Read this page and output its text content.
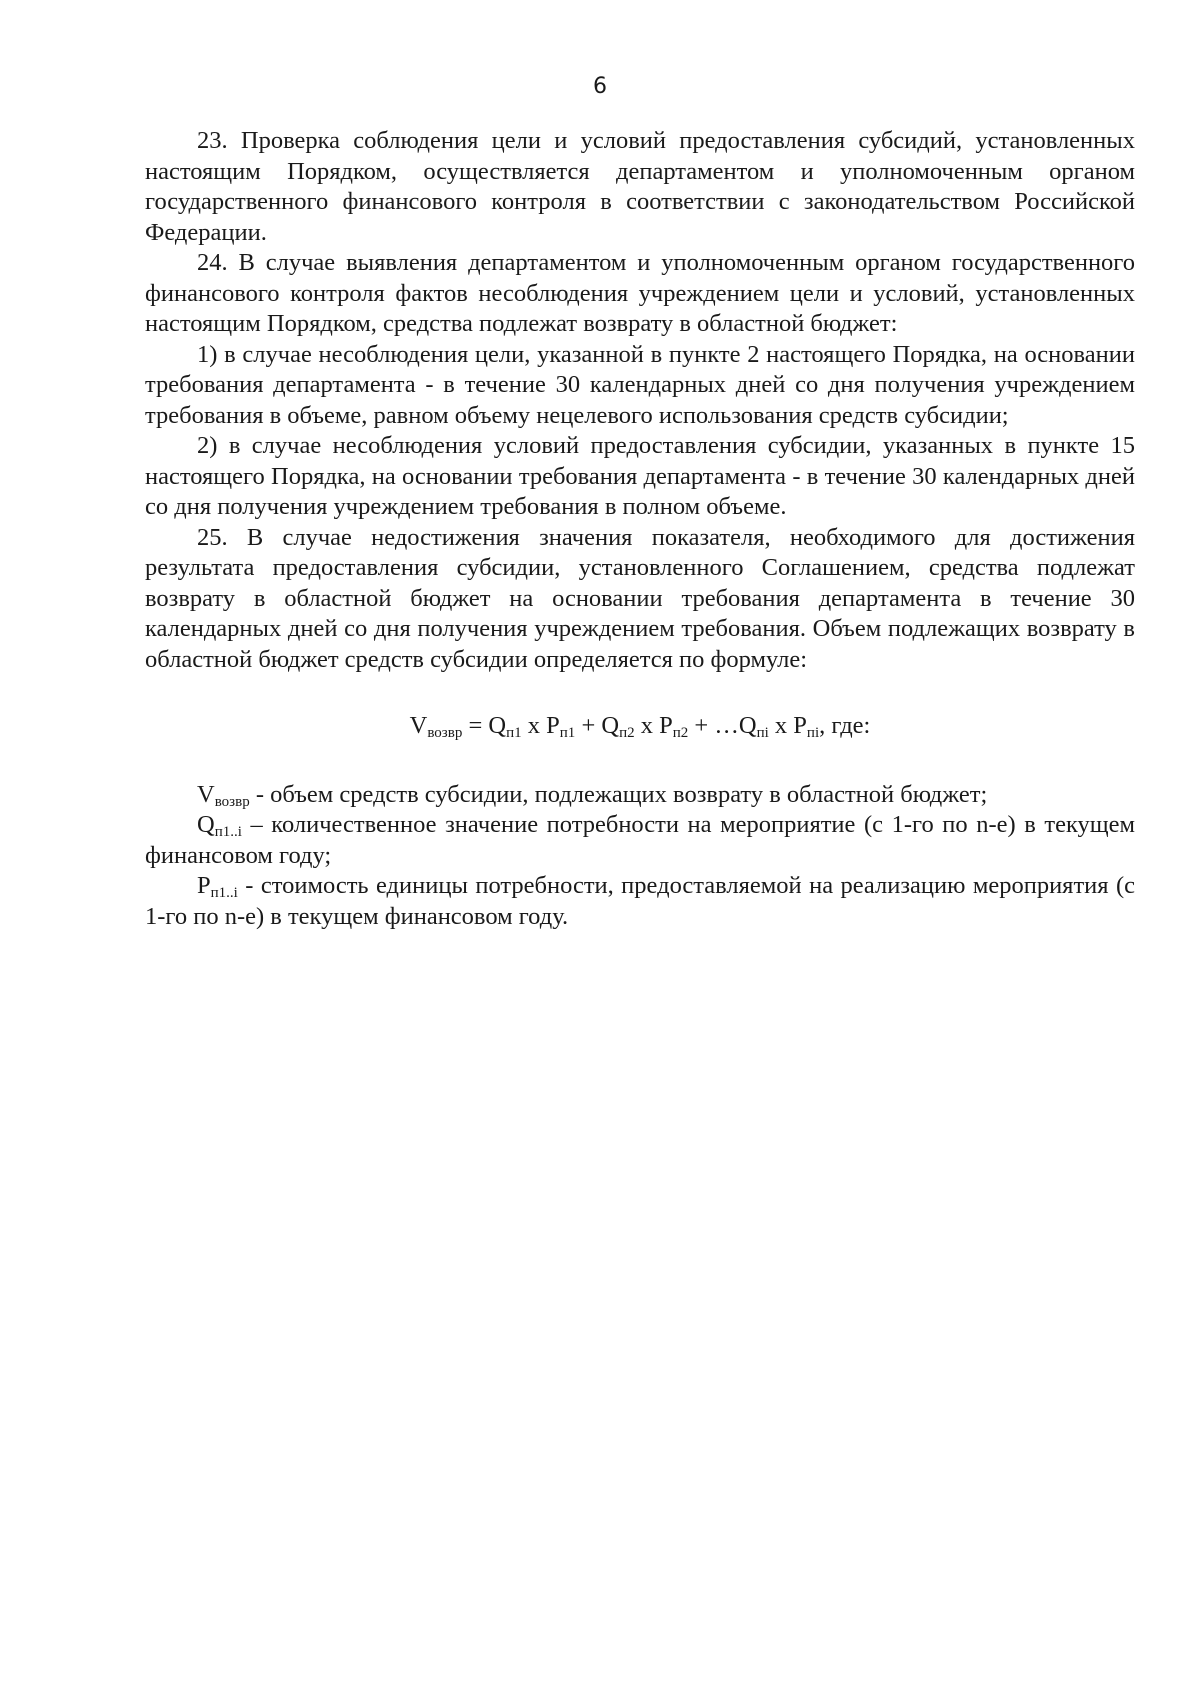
6

23. Проверка соблюдения цели и условий предоставления субсидий, установленных настоящим Порядком, осуществляется департаментом и уполномоченным органом государственного финансового контроля в соответствии с законодательством Российской Федерации.

24. В случае выявления департаментом и уполномоченным органом государственного финансового контроля фактов несоблюдения учреждением цели и условий, установленных настоящим Порядком, средства подлежат возврату в областной бюджет:

1) в случае несоблюдения цели, указанной в пункте 2 настоящего Порядка, на основании требования департамента - в течение 30 календарных дней со дня получения учреждением требования в объеме, равном объему нецелевого использования средств субсидии;

2) в случае несоблюдения условий предоставления субсидии, указанных в пункте 15 настоящего Порядка, на основании требования департамента - в течение 30 календарных дней со дня получения учреждением требования в полном объеме.

25. В случае недостижения значения показателя, необходимого для достижения результата предоставления субсидии, установленного Соглашением, средства подлежат возврату в областной бюджет на основании требования департамента в течение 30 календарных дней со дня получения учреждением требования. Объем подлежащих возврату в областной бюджет средств субсидии определяется по формуле:

$V_{возвр} = Q_{п1}$ x $P_{п1} + Q_{п2}$ x $P_{п2}$ + $\dots Q_{пi}$ x $P_{пi}$, где:

$V_{возвр}$ - объем средств субсидии, подлежащих возврату в областной бюджет;

$Q_{п1..i}$ – количественное значение потребности на мероприятие (с 1-го по n-е) в текущем финансовом году;

$P_{п1..i}$ - стоимость единицы потребности, предоставляемой на реализацию мероприятия (с 1-го по n-е) в текущем финансовом году.
